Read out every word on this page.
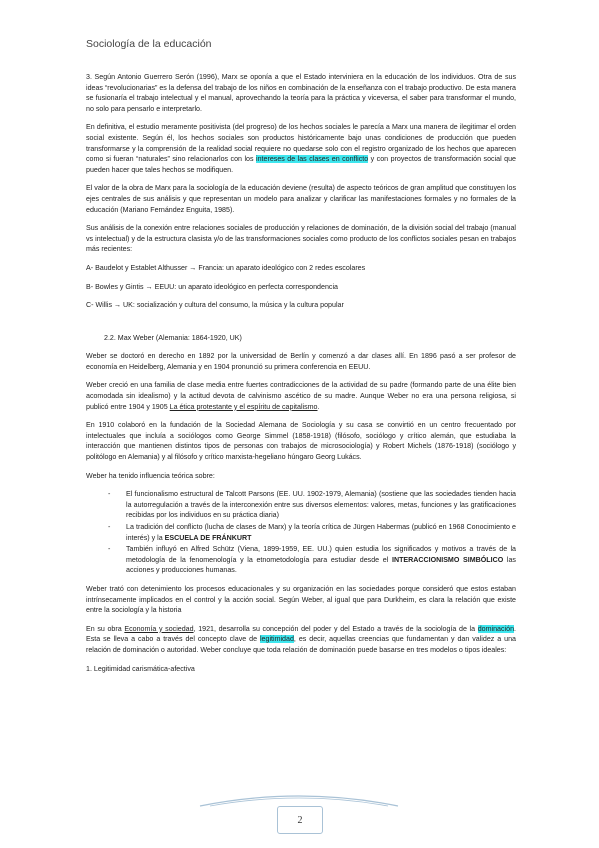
Sociología de la educación

3. Según Antonio Guerrero Serón (1996), Marx se oponía a que el Estado interviniera en la educación de los individuos. Otra de sus ideas “revolucionarias” es la defensa del trabajo de los niños en combinación de la enseñanza con el trabajo productivo. De esta manera se fusionaría el trabajo intelectual y el manual, aprovechando la teoría para la práctica y viceversa, el saber para transformar el mundo, no solo para pensarlo e interpretarlo.

En definitiva, el estudio meramente positivista (del progreso) de los hechos sociales le parecía a Marx una manera de ilegitimar el orden social existente. Según él, los hechos sociales son productos históricamente bajo unas condiciones de producción que pueden transformarse y la comprensión de la realidad social requiere no quedarse solo con el registro organizado de los hechos que aparecen como si fueran “naturales” sino relacionarlos con los intereses de las clases en conflicto y con proyectos de transformación social que pueden hacer que tales hechos se modifiquen.

El valor de la obra de Marx para la sociología de la educación deviene (resulta) de aspecto teóricos de gran amplitud que constituyen los ejes centrales de sus análisis y que representan un modelo para analizar y clarificar las manifestaciones formales y no formales de la educación (Mariano Fernández Enguita, 1985).

Sus análisis de la conexión entre relaciones sociales de producción y relaciones de dominación, de la división social del trabajo (manual vs intelectual) y de la estructura clasista y/o de las transformaciones sociales como producto de los conflictos sociales pesan en trabajos más recientes:

A- Baudelot y Establet Althusser → Francia: un aparato ideológico con 2 redes escolares

B- Bowles y Gintis → EEUU: un aparato ideológico en perfecta correspondencia

C- Willis → UK: socialización y cultura del consumo, la música y la cultura popular

2.2. Max Weber (Alemania: 1864-1920, UK)

Weber se doctoró en derecho en 1892 por la universidad de Berlín y comenzó a dar clases allí. En 1896 pasó a ser profesor de economía en Heidelberg, Alemania y en 1904 pronunció su primera conferencia en EEUU.

Weber creció en una familia de clase media entre fuertes contradicciones de la actividad de su padre (formando parte de una élite bien acomodada sin idealismo) y la actitud devota de calvinismo ascético de su madre. Aunque Weber no era una persona religiosa, si publicó entre 1904 y 1905 La ética protestante y el espíritu de capitalismo.

En 1910 colaboró en la fundación de la Sociedad Alemana de Sociología y su casa se convirtió en un centro frecuentado por intelectuales que incluía a sociólogos como George Simmel (1858-1918) (filósofo, sociólogo y crítico alemán, que estudiaba la interacción que mantienen distintos tipos de personas con trabajos de microsociología) y Robert Michels (1876-1918) (sociólogo y politólogo en Alemania) y al filósofo y crítico marxista-hegeliano húngaro Georg Lukács.

Weber ha tenido influencia teórica sobre:

- El funcionalismo estructural de Talcott Parsons (EE. UU. 1902-1979, Alemania) (sostiene que las sociedades tienden hacia la autorregulación a través de la interconexión entre sus diversos elementos: valores, metas, funciones y las gratificaciones recibidas por los individuos en su práctica diaria)
- La tradición del conflicto (lucha de clases de Marx) y la teoría crítica de Jürgen Habermas (publicó en 1968 Conocimiento e interés) y la ESCUELA DE FRÁNKURT
- También influyó en Alfred Schütz (Viena, 1899-1959, EE. UU.) quien estudia los significados y motivos a través de la metodología de la fenomenología y la etnometodología para estudiar desde el INTERACCIONISMO SIMBÓLICO las acciones y producciones humanas.

Weber trató con detenimiento los procesos educacionales y su organización en las sociedades porque consideró que estos estaban intrínsecamente implicados en el control y la acción social. Según Weber, al igual que para Durkheim, es clara la relación que existe entre la sociología y la historia

En su obra Economía y sociedad, 1921, desarrolla su concepción del poder y del Estado a través de la sociología de la dominación. Esta se lleva a cabo a través del concepto clave de legitimidad, es decir, aquellas creencias que fundamentan y dan validez a una relación de dominación o autoridad. Weber concluye que toda relación de dominación puede basarse en tres modelos o tipos ideales:

1. Legitimidad carismática-afectiva

2
